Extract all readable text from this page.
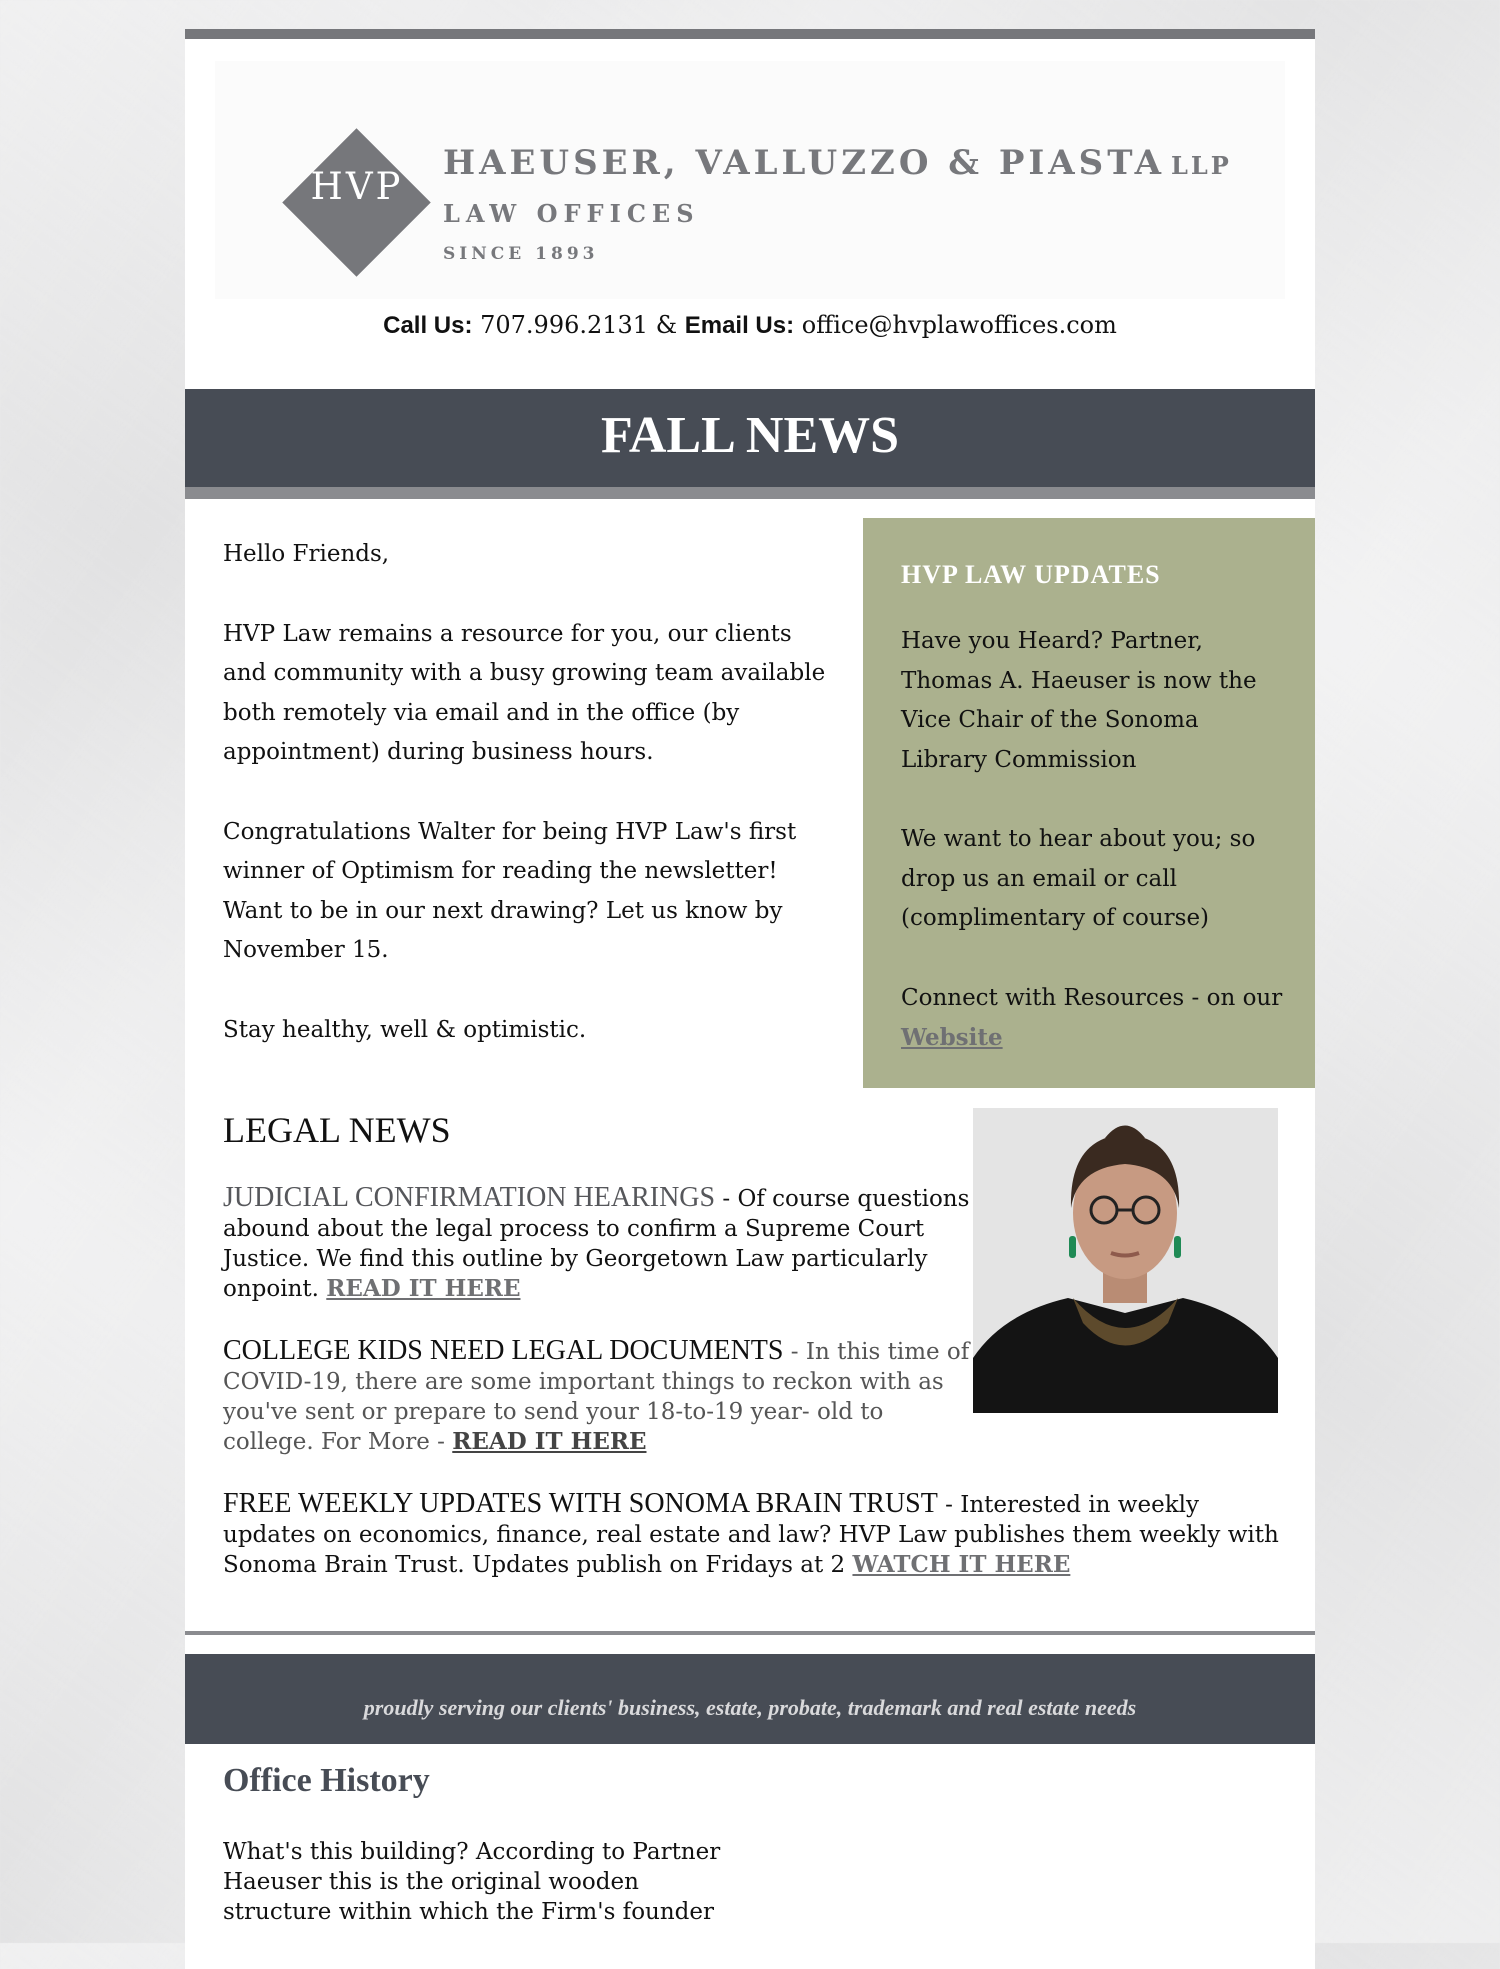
HVP
HAEUSER, VALLUZZO & PIASTA LLP
LAW OFFICES
SINCE 1893
Call Us: 707.996.2131 & Email Us: office@hvplawoffices.com
FALL NEWS

Hello Friends,

HVP Law remains a resource for you, our clients and community with a busy growing team available both remotely via email and in the office (by appointment) during business hours.

Congratulations Walter for being HVP Law's first winner of Optimism for reading the newsletter! Want to be in our next drawing? Let us know by November 15.

Stay healthy, well & optimistic.

HVP LAW UPDATES

Have you Heard? Partner, Thomas A. Haeuser is now the Vice Chair of the Sonoma Library Commission

We want to hear about you; so drop us an email or call (complimentary of course)

Connect with Resources - on our Website

LEGAL NEWS
JUDICIAL CONFIRMATION HEARINGS - Of course questions abound about the legal process to confirm a Supreme Court Justice. We find this outline by Georgetown Law particularly onpoint. READ IT HERE
COLLEGE KIDS NEED LEGAL DOCUMENTS - In this time of COVID-19, there are some important things to reckon with as you've sent or prepare to send your 18-to-19 year- old to college. For More - READ IT HERE
FREE WEEKLY UPDATES WITH SONOMA BRAIN TRUST - Interested in weekly updates on economics, finance, real estate and law? HVP Law publishes them weekly with Sonoma Brain Trust. Updates publish on Fridays at 2 WATCH IT HERE
proudly serving our clients' business, estate, probate, trademark and real estate needs
Office History
What's this building? According to Partner Haeuser this is the original wooden structure within which the Firm's founder
